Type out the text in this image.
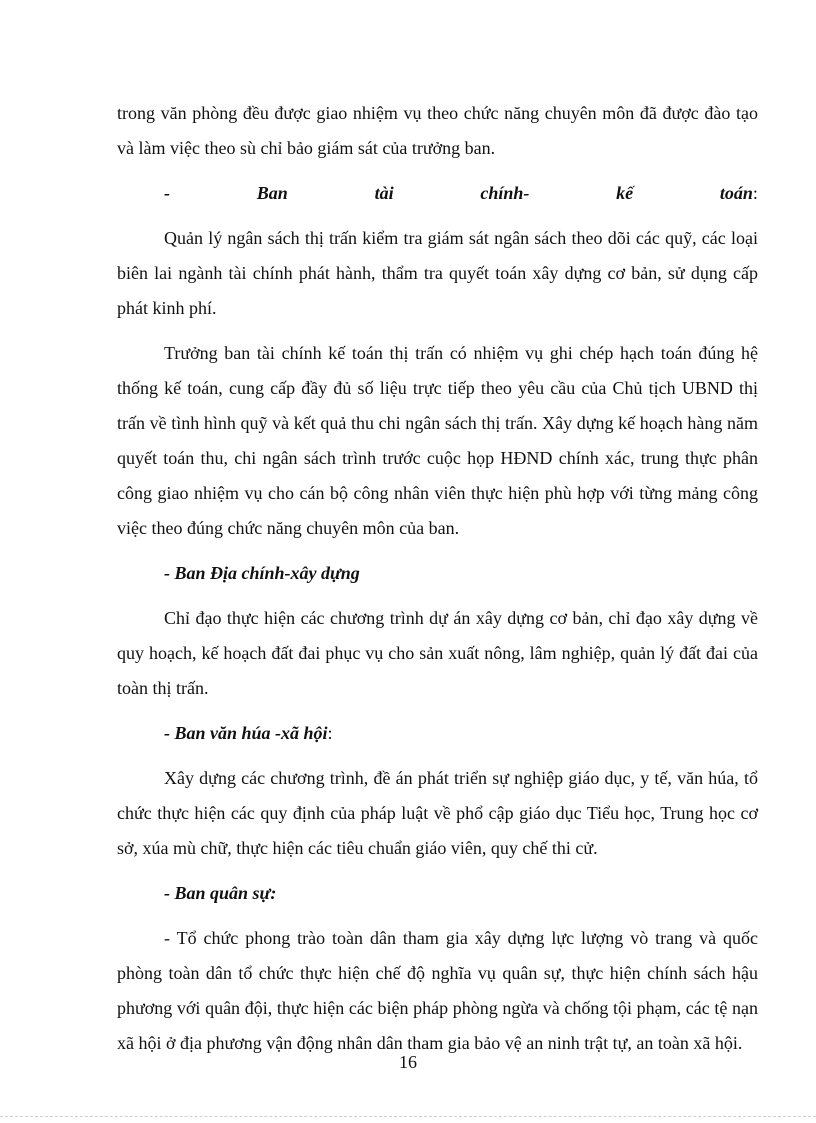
trong văn phòng đều được giao nhiệm vụ theo chức năng chuyên môn đã được đào tạo và làm việc theo sù chỉ bảo giám sát của trưởng ban.

-	Ban	tài	chính-	kế	toán:

Quản lý ngân sách thị trấn kiểm tra giám sát ngân sách theo dõi các quỹ, các loại biên lai ngành tài chính phát hành, thẩm tra quyết toán xây dựng cơ bản, sử dụng cấp phát kinh phí.

Trưởng ban tài chính kế toán thị trấn có nhiệm vụ ghi chép hạch toán đúng hệ thống kế toán, cung cấp đầy đủ số liệu trực tiếp theo yêu cầu của Chủ tịch UBND thị trấn về tình hình quỹ và kết quả thu chi ngân sách thị trấn. Xây dựng kế hoạch hàng năm quyết toán thu, chi ngân sách trình trước cuộc họp HĐND chính xác, trung thực phân công giao nhiệm vụ cho cán bộ công nhân viên thực hiện phù hợp với từng mảng công việc theo đúng chức năng chuyên môn của ban.

- Ban Địa chính-xây dựng

Chỉ đạo thực hiện các chương trình dự án xây dựng cơ bản, chỉ đạo xây dựng về quy hoạch, kế hoạch đất đai phục vụ cho sản xuất nông, lâm nghiệp, quản lý đất đai của toàn thị trấn.

- Ban văn húa -xã hội:

Xây dựng các chương trình, đề án phát triển sự nghiệp giáo dục, y tế, văn húa, tổ chức thực hiện các quy định của pháp luật về phổ cập giáo dục Tiểu học, Trung học cơ sở, xúa mù chữ, thực hiện các tiêu chuẩn giáo viên, quy chế thi cử.

- Ban quân sự:

- Tổ chức phong trào toàn dân tham gia xây dựng lực lượng vò trang và quốc phòng toàn dân tổ chức thực hiện chế độ nghĩa vụ quân sự, thực hiện chính sách hậu phương với quân đội, thực hiện các biện pháp phòng ngừa và chống tội phạm, các tệ nạn xã hội ở địa phương vận động nhân dân tham gia bảo vệ an ninh trật tự, an toàn xã hội.

16
